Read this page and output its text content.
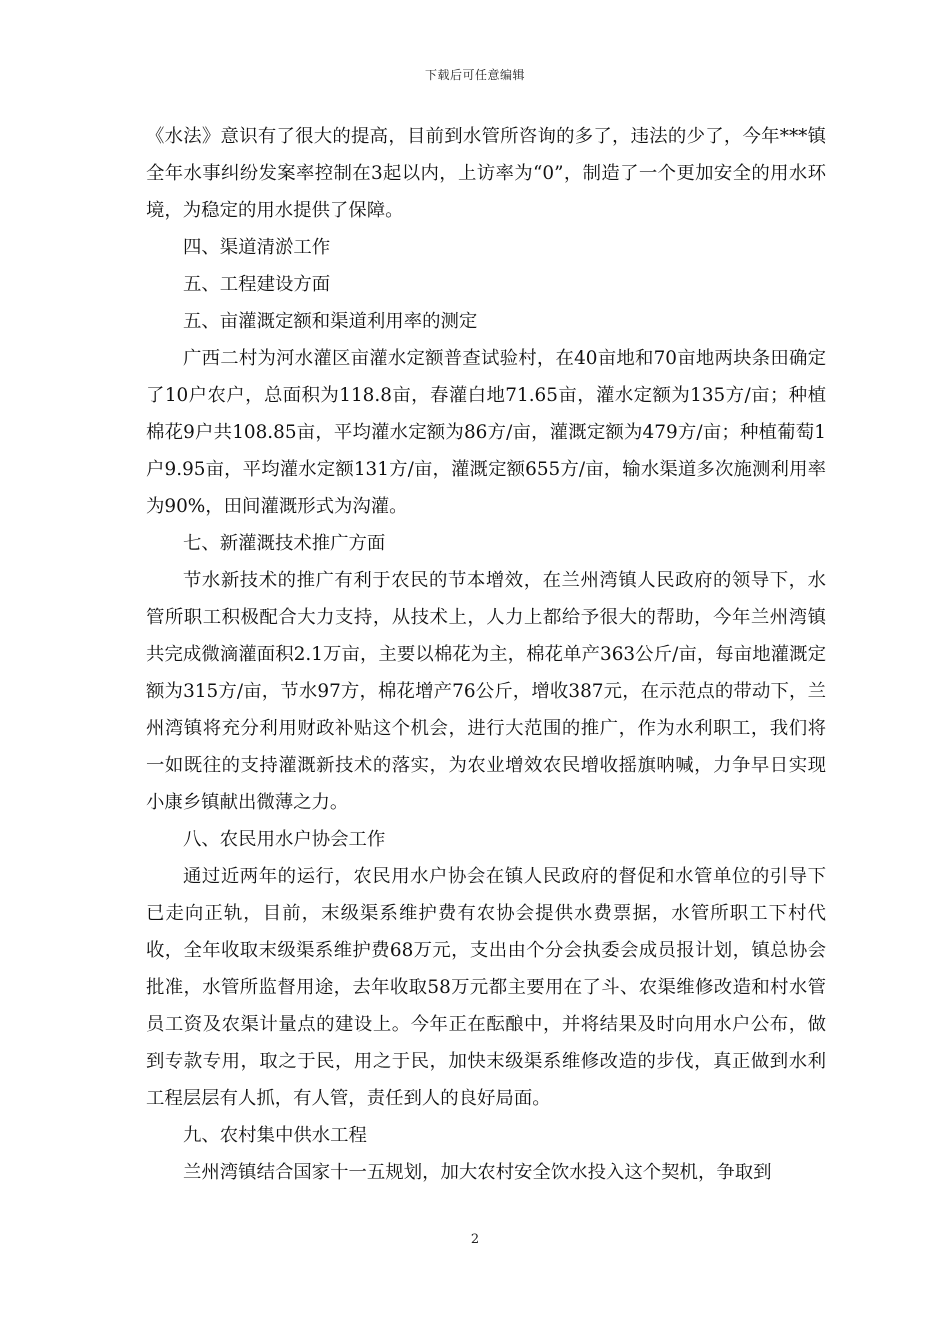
下载后可任意编辑

《水法》意识有了很大的提高，目前到水管所咨询的多了，违法的少了，今年***镇全年水事纠纷发案率控制在3起以内，上访率为“0”，制造了一个更加安全的用水环境，为稳定的用水提供了保障。

四、渠道清淤工作

五、工程建设方面

五、亩灌溉定额和渠道利用率的测定

广西二村为河水灌区亩灌水定额普查试验村，在40亩地和70亩地两块条田确定了10户农户，总面积为118.8亩，春灌白地71.65亩，灌水定额为135方/亩；种植棉花9户共108.85亩，平均灌水定额为86方/亩，灌溉定额为479方/亩；种植葡萄1户9.95亩，平均灌水定额131方/亩，灌溉定额655方/亩，输水渠道多次施测利用率为90%，田间灌溉形式为沟灌。

七、新灌溉技术推广方面

节水新技术的推广有利于农民的节本增效，在兰州湾镇人民政府的领导下，水管所职工积极配合大力支持，从技术上，人力上都给予很大的帮助，今年兰州湾镇共完成微滴灌面积2.1万亩，主要以棉花为主，棉花单产363公斤/亩，每亩地灌溉定额为315方/亩，节水97方，棉花增产76公斤，增收387元，在示范点的带动下，兰州湾镇将充分利用财政补贴这个机会，进行大范围的推广，作为水利职工，我们将一如既往的支持灌溉新技术的落实，为农业增效农民增收摇旗呐喊，力争早日实现小康乡镇献出微薄之力。

八、农民用水户协会工作

通过近两年的运行，农民用水户协会在镇人民政府的督促和水管单位的引导下已走向正轨，目前，末级渠系维护费有农协会提供水费票据，水管所职工下村代收，全年收取末级渠系维护费68万元，支出由个分会执委会成员报计划，镇总协会批准，水管所监督用途，去年收取58万元都主要用在了斗、农渠维修改造和村水管员工资及农渠计量点的建设上。今年正在酝酿中，并将结果及时向用水户公布，做到专款专用，取之于民，用之于民，加快末级渠系维修改造的步伐，真正做到水利工程层层有人抓，有人管，责任到人的良好局面。

九、农村集中供水工程

兰州湾镇结合国家十一五规划，加大农村安全饮水投入这个契机，争取到

2
